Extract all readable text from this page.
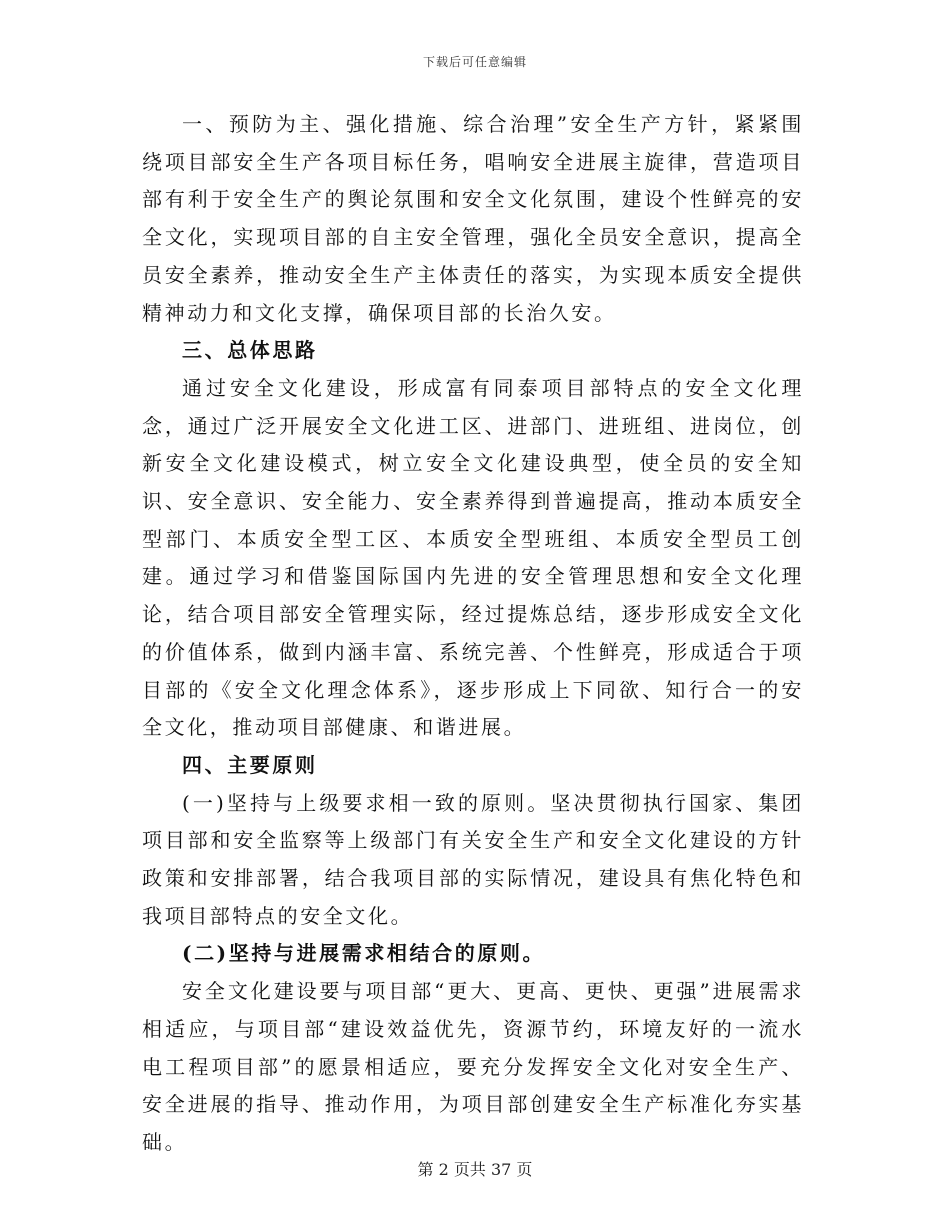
下载后可任意编辑

一、预防为主、强化措施、综合治理”安全生产方针，紧紧围绕项目部安全生产各项目标任务，唱响安全进展主旋律，营造项目部有利于安全生产的舆论氛围和安全文化氛围，建设个性鲜亮的安全文化，实现项目部的自主安全管理，强化全员安全意识，提高全员安全素养，推动安全生产主体责任的落实，为实现本质安全提供精神动力和文化支撑，确保项目部的长治久安。

三、总体思路

通过安全文化建设，形成富有同泰项目部特点的安全文化理念，通过广泛开展安全文化进工区、进部门、进班组、进岗位，创新安全文化建设模式，树立安全文化建设典型，使全员的安全知识、安全意识、安全能力、安全素养得到普遍提高，推动本质安全型部门、本质安全型工区、本质安全型班组、本质安全型员工创建。通过学习和借鉴国际国内先进的安全管理思想和安全文化理论，结合项目部安全管理实际，经过提炼总结，逐步形成安全文化的价值体系，做到内涵丰富、系统完善、个性鲜亮，形成适合于项目部的《安全文化理念体系》，逐步形成上下同欲、知行合一的安全文化，推动项目部健康、和谐进展。

四、主要原则

(一)坚持与上级要求相一致的原则。坚决贯彻执行国家、集团项目部和安全监察等上级部门有关安全生产和安全文化建设的方针政策和安排部署，结合我项目部的实际情况，建设具有焦化特色和我项目部特点的安全文化。

(二)坚持与进展需求相结合的原则。

安全文化建设要与项目部“更大、更高、更快、更强”进展需求相适应，与项目部“建设效益优先，资源节约，环境友好的一流水电工程项目部”的愿景相适应，要充分发挥安全文化对安全生产、安全进展的指导、推动作用，为项目部创建安全生产标准化夯实基础。

第 2 页共 37 页
